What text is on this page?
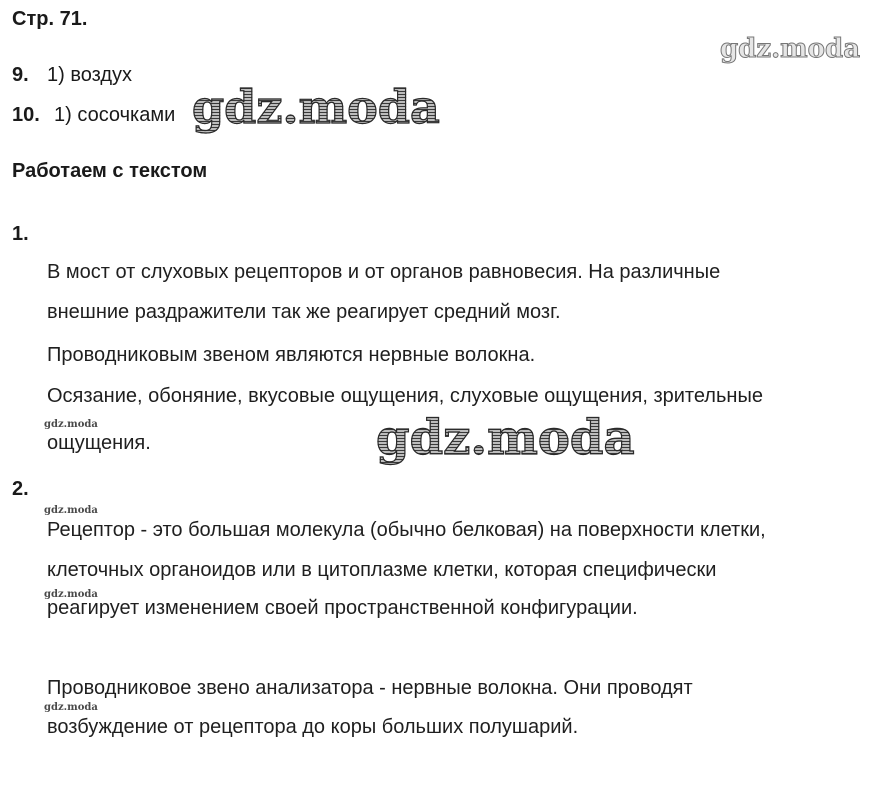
Стр. 71.
gdz.moda
9. 1) воздух
10. 1) сосочками gdz.moda
Работаем с текстом
1.
В мост от слуховых рецепторов и от органов равновесия. На различные
внешние раздражители так же реагирует средний мозг.
Проводниковым звеном являются нервные волокна.
Осязание, обоняние, вкусовые ощущения, слуховые ощущения, зрительные
ощущения.
gdz.moda	gdz.moda
2.
gdz.moda
Рецептор - это большая молекула (обычно белковая) на поверхности клетки,
клеточных органоидов или в цитоплазме клетки, которая специфически
gdz.moda
реагирует изменением своей пространственной конфигурации.
Проводниковое звено анализатора - нервные волокна. Они проводят
gdz.moda
возбуждение от рецептора до коры больших полушарий.
